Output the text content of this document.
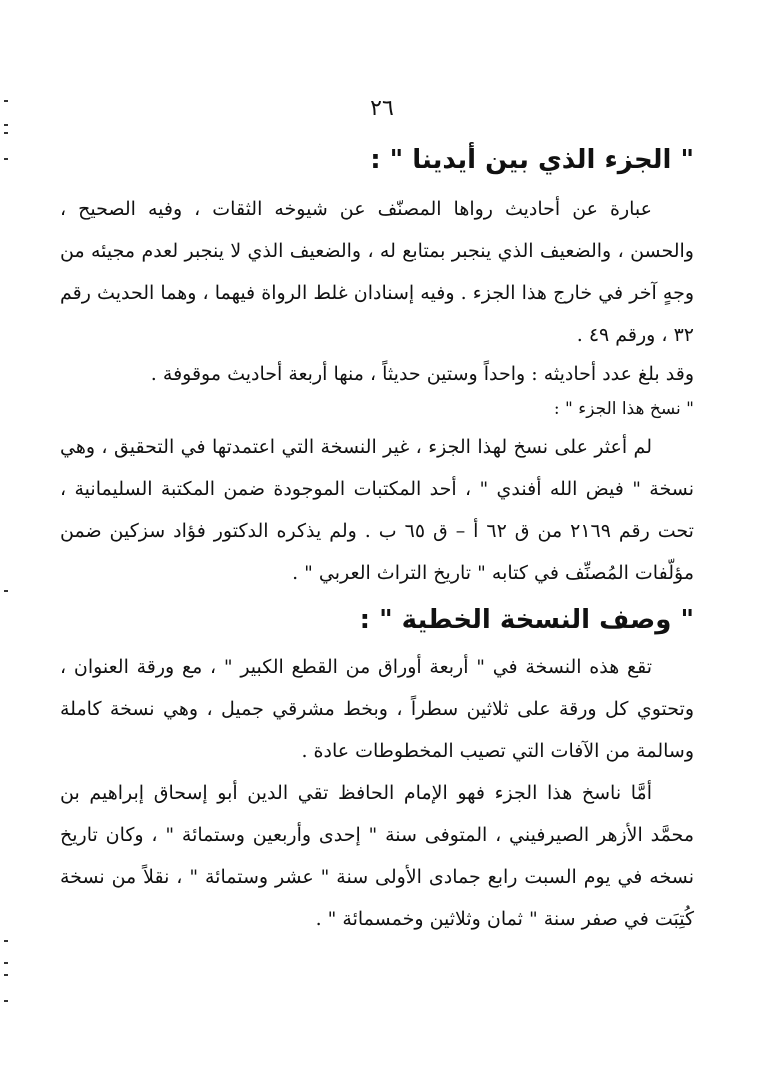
٢٦
" الجزء الذي بين أيدينا " :

عبارة عن أحاديث رواها المصنّف عن شيوخه الثقات ، وفيه الصحيح ، والحسن ، والضعيف الذي ينجبر بمتابع له ، والضعيف الذي لا ينجبر لعدم مجيئه من وجهٍ آخر في خارج هذا الجزء . وفيه إسنادان غلط الرواة فيهما ، وهما الحديث رقم ٣٢ ، ورقم ٤٩ .

وقد بلغ عدد أحاديثه : واحداً وستين حديثاً ، منها أربعة أحاديث موقوفة .

" نسخ هذا الجزء " :

لم أعثر على نسخ لهذا الجزء ، غير النسخة التي اعتمدتها في التحقيق ، وهي نسخة " فيض الله أفندي " ، أحد المكتبات الموجودة ضمن المكتبة السليمانية ، تحت رقم ٢١٦٩ من ق ٦٢ أ – ق ٦٥ ب . ولم يذكره الدكتور فؤاد سزكين ضمن مؤلّفات المُصنِّف في كتابه " تاريخ التراث العربي " .

" وصف النسخة الخطية " :

تقع هذه النسخة في " أربعة أوراق من القطع الكبير " ، مع ورقة العنوان ، وتحتوي كل ورقة على ثلاثين سطراً ، وبخط مشرقي جميل ، وهي نسخة كاملة وسالمة من الآفات التي تصيب المخطوطات عادة .

أمَّا ناسخ هذا الجزء فهو الإمام الحافظ تقي الدين أبو إسحاق إبراهيم بن محمَّد الأزهر الصيرفيني ، المتوفى سنة " إحدى وأربعين وستمائة " ، وكان تاريخ نسخه في يوم السبت رابع جمادى الأولى سنة " عشر وستمائة " ، نقلاً من نسخة كُتِبَت في صفر سنة " ثمان وثلاثين وخمسمائة " .
